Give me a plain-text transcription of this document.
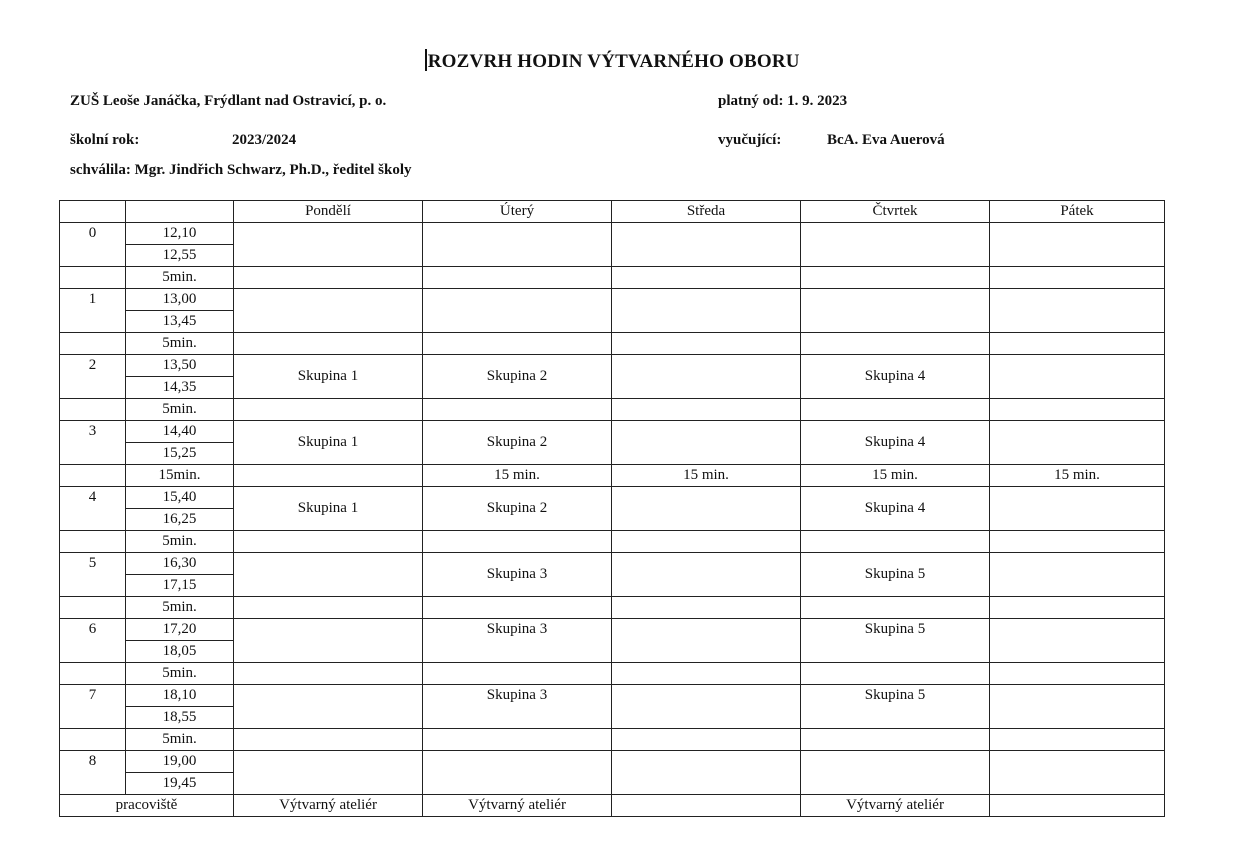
ROZVRH HODIN VÝTVARNÉHO OBORU
ZUŠ Leoše Janáčka, Frýdlant nad Ostravicí, p. o.	platný od: 1. 9. 2023
školní rok:	2023/2024	vyučující:	BcA. Eva Auerová
schválila: Mgr. Jindřich Schwarz, Ph.D., ředitel školy
		Pondělí	Úterý	Středa	Čtvrtek	Pátek
0	12,10					
	12,55					
	5min.					
1	13,00					
	13,45					
	5min.					
2	13,50	Skupina 1	Skupina 2		Skupina 4	
	14,35					
	5min.					
3	14,40	Skupina 1	Skupina 2		Skupina 4	
	15,25					
	15min.		15 min.	15 min.	15 min.	15 min.
4	15,40	Skupina 1	Skupina 2		Skupina 4	
	16,25					
	5min.					
5	16,30		Skupina 3		Skupina 5	
	17,15					
	5min.					
6	17,20		Skupina 3		Skupina 5	
	18,05					
	5min.					
7	18,10		Skupina 3		Skupina 5	
	18,55					
	5min.					
8	19,00					
	19,45					
pracoviště		Výtvarný ateliér	Výtvarný ateliér		Výtvarný ateliér	
